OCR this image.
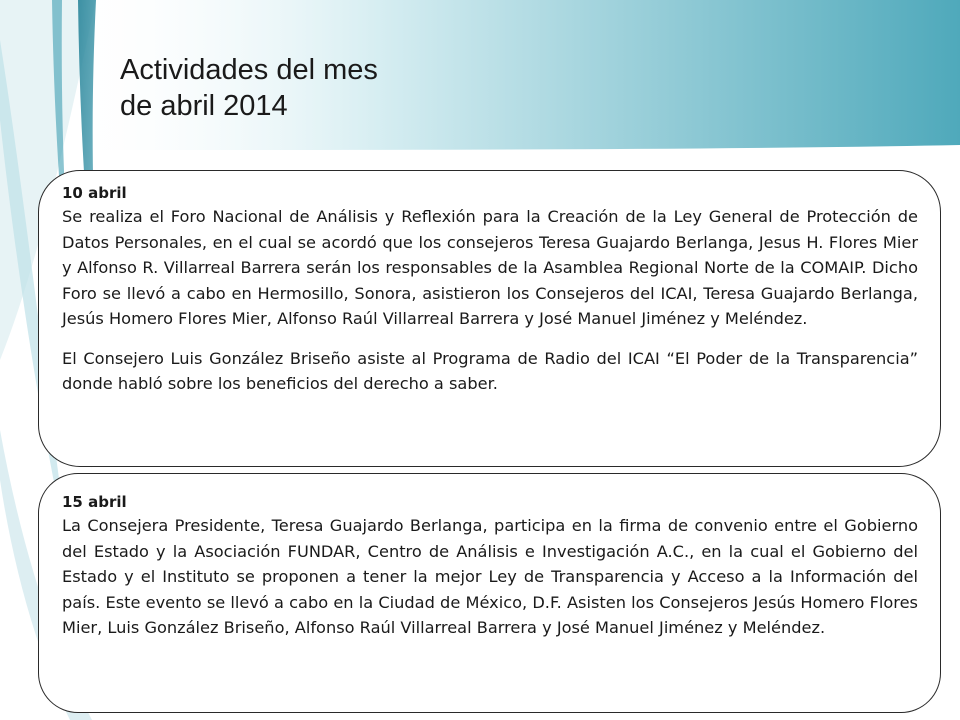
Actividades del mes
de abril 2014
10 abril

Se realiza el Foro Nacional de Análisis y Reflexión para la Creación de la Ley General de Protección de Datos Personales, en el cual se acordó que los consejeros Teresa Guajardo Berlanga, Jesus H. Flores Mier y Alfonso R. Villarreal Barrera serán los responsables de la Asamblea Regional Norte de la COMAIP. Dicho Foro se llevó a cabo en Hermosillo, Sonora, asistieron los Consejeros del ICAI, Teresa Guajardo Berlanga, Jesús Homero Flores Mier, Alfonso Raúl Villarreal Barrera y José Manuel Jiménez y Meléndez.

El Consejero Luis González Briseño asiste al Programa de Radio del ICAI “El Poder de la Transparencia” donde habló sobre los beneficios del derecho a saber.

15 abril

La Consejera Presidente, Teresa Guajardo Berlanga, participa en la firma de convenio entre el Gobierno del Estado y la Asociación FUNDAR, Centro de Análisis e Investigación A.C., en la cual el Gobierno del Estado y el Instituto se proponen a tener la mejor Ley de Transparencia y Acceso a la Información del país. Este evento se llevó a cabo en la Ciudad de México, D.F. Asisten los Consejeros Jesús Homero Flores Mier, Luis González Briseño, Alfonso Raúl Villarreal Barrera y José Manuel Jiménez y Meléndez.
